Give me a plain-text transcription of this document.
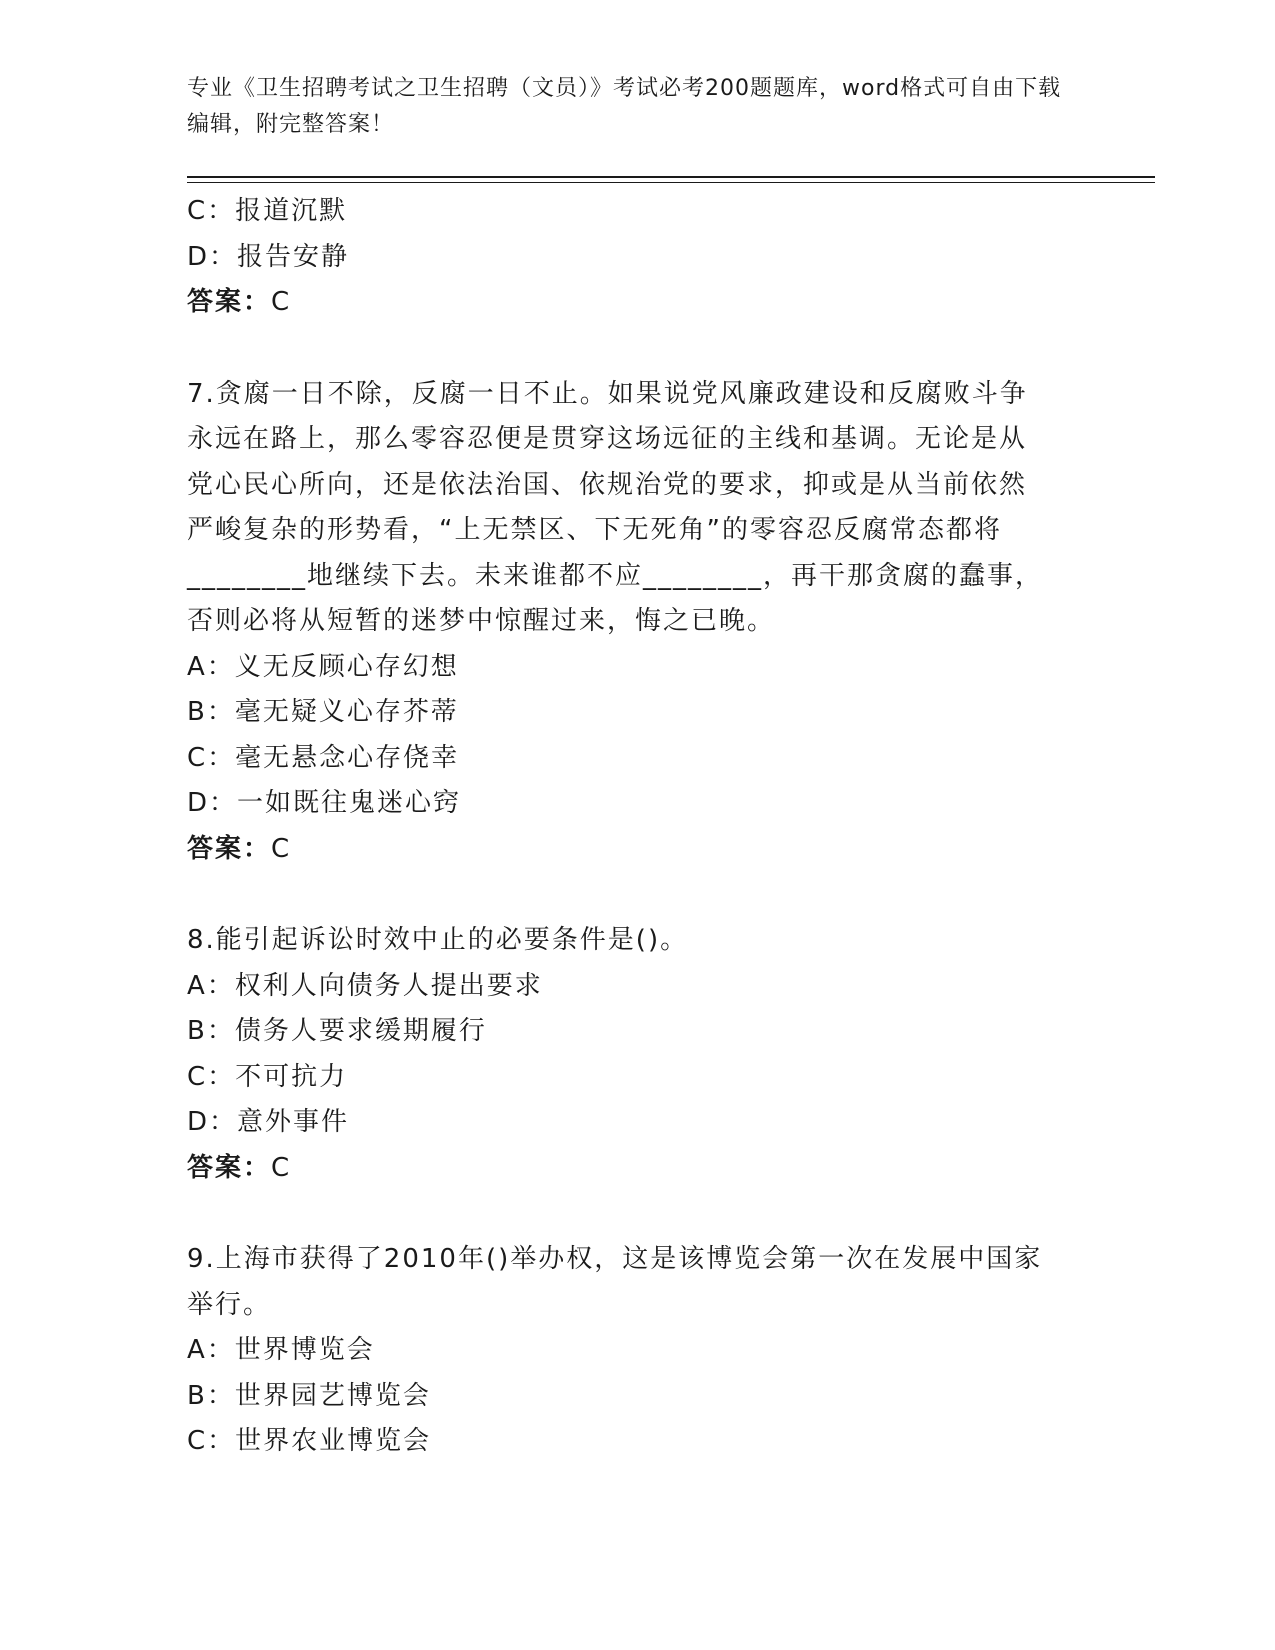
专业《卫生招聘考试之卫生招聘（文员）》考试必考200题题库，word格式可自由下载编辑，附完整答案！
C：报道沉默
D：报告安静
答案：C
7.贪腐一日不除，反腐一日不止。如果说党风廉政建设和反腐败斗争
永远在路上，那么零容忍便是贯穿这场远征的主线和基调。无论是从
党心民心所向，还是依法治国、依规治党的要求，抑或是从当前依然
严峻复杂的形势看，“上无禁区、下无死角”的零容忍反腐常态都将
________地继续下去。未来谁都不应________，再干那贪腐的蠢事，
否则必将从短暂的迷梦中惊醒过来，悔之已晚。
A：义无反顾心存幻想
B：毫无疑义心存芥蒂
C：毫无悬念心存侥幸
D：一如既往鬼迷心窍
答案：C
8.能引起诉讼时效中止的必要条件是()。
A：权利人向债务人提出要求
B：债务人要求缓期履行
C：不可抗力
D：意外事件
答案：C
9.上海市获得了2010年()举办权，这是该博览会第一次在发展中国家
举行。
A：世界博览会
B：世界园艺博览会
C：世界农业博览会
